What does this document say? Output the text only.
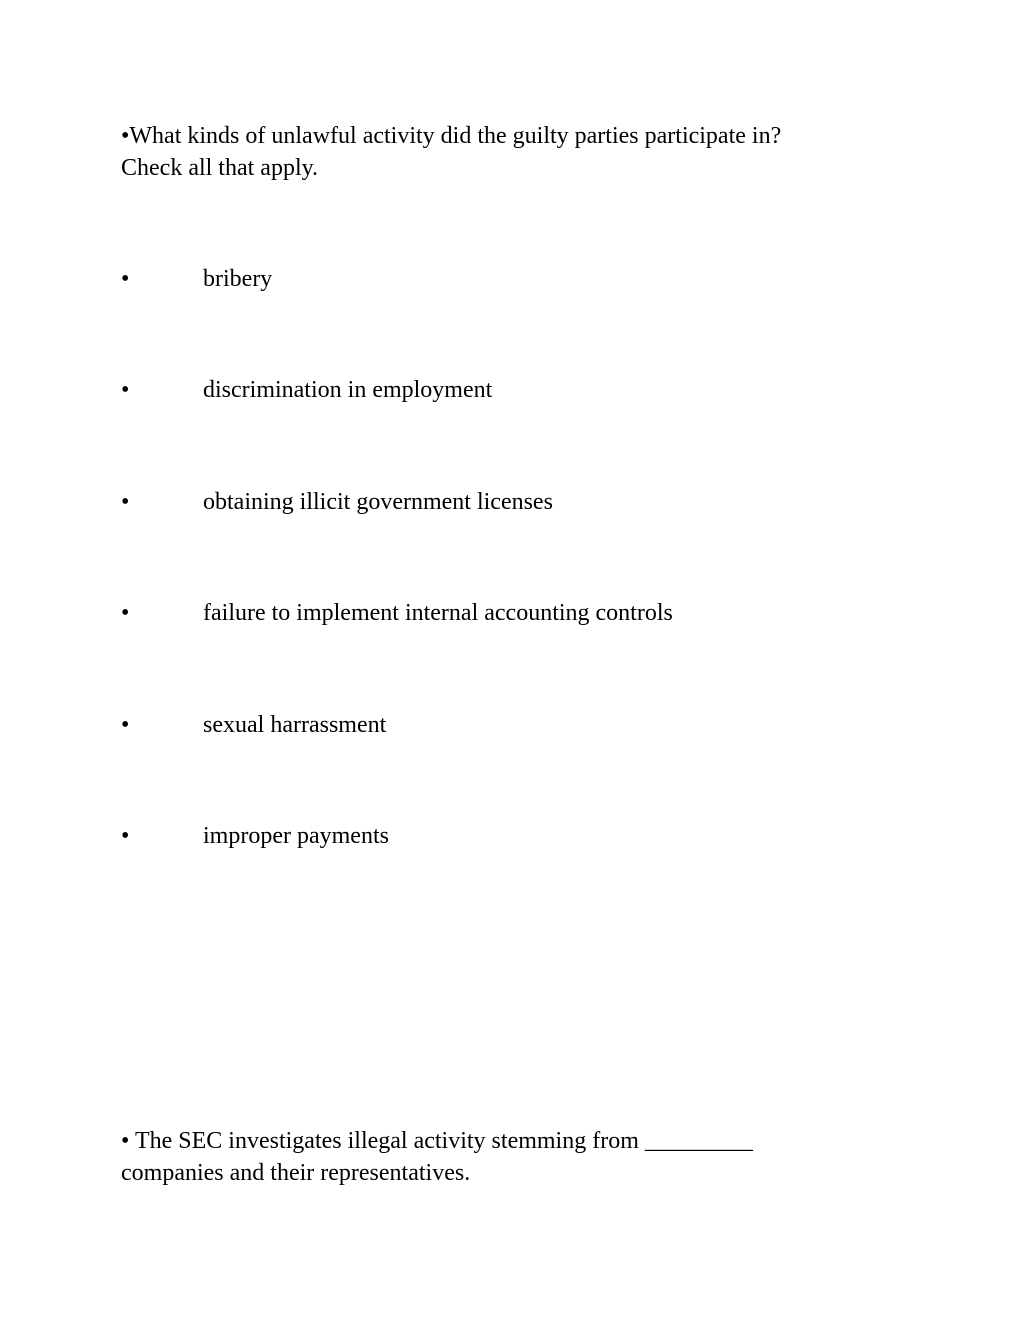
•What kinds of unlawful activity did the guilty parties participate in?
Check all that apply.
•	bribery
•	discrimination in employment
•	obtaining illicit government licenses
•	failure to implement internal accounting controls
•	sexual harrassment
•	improper payments
• The SEC investigates illegal activity stemming from _________
companies and their representatives.
